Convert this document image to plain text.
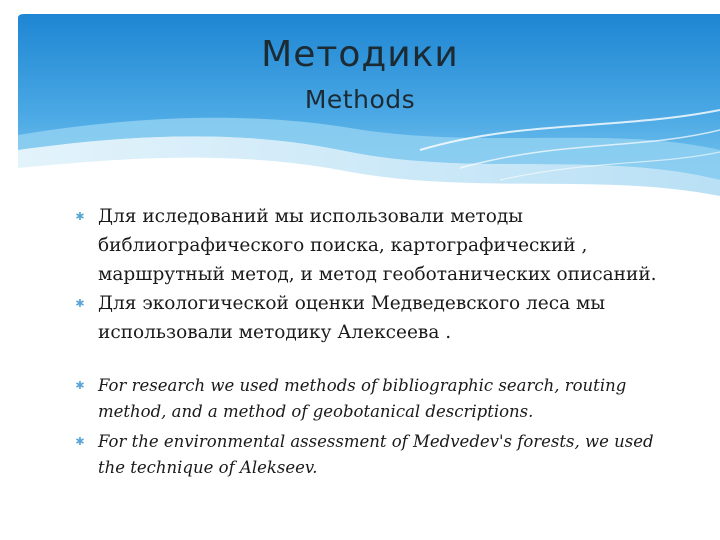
Методики
Methods
✱ Для иследований мы использовали методы библиографического поиска, картографический , маршрутный метод, и метод геоботанических описаний.
✱ Для экологической оценки Медведевского леса мы использовали методику Алексеева .
✱ For research we used methods of bibliographic search, routing method, and a method of geobotanical descriptions.
✱ For the environmental assessment of Medvedev's forests, we used the technique of Alekseev.
